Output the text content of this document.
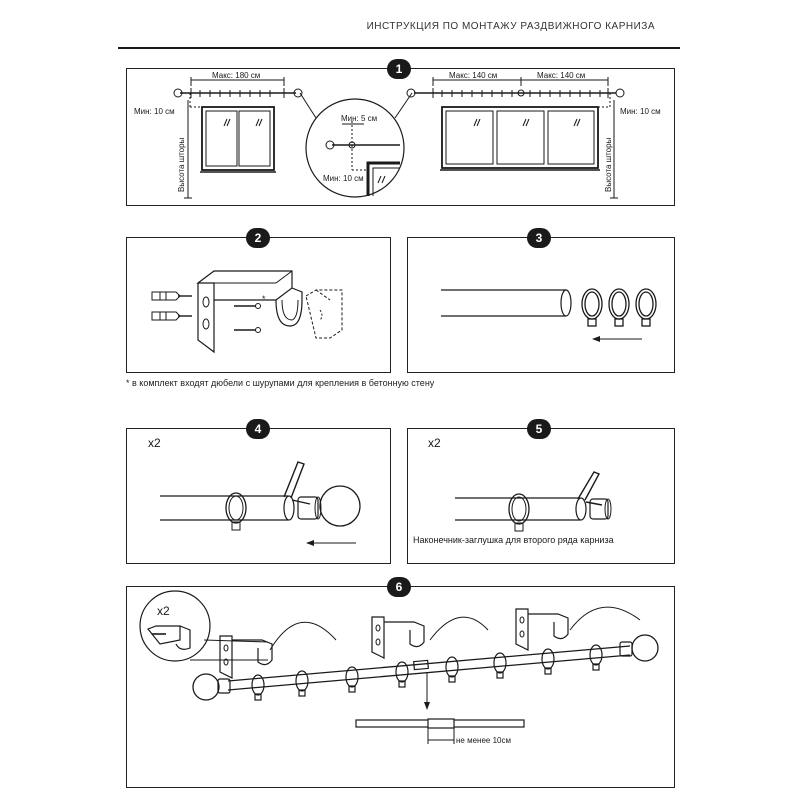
ИНСТРУКЦИЯ ПО МОНТАЖУ РАЗДВИЖНОГО КАРНИЗА
1
2	3
4	5
6
* в комплект входят дюбели с шурупами для крепления в бетонную стену
Макс: 180 см
Мин: 10 см
Высота шторы
Мин: 5 см
Мин: 10 см
Макс: 140 см	Макс: 140 см
Мин: 10 см
Высота шторы
*
x2	x2
Наконечник-заглушка для второго ряда карниза
x2
не менее 10см
